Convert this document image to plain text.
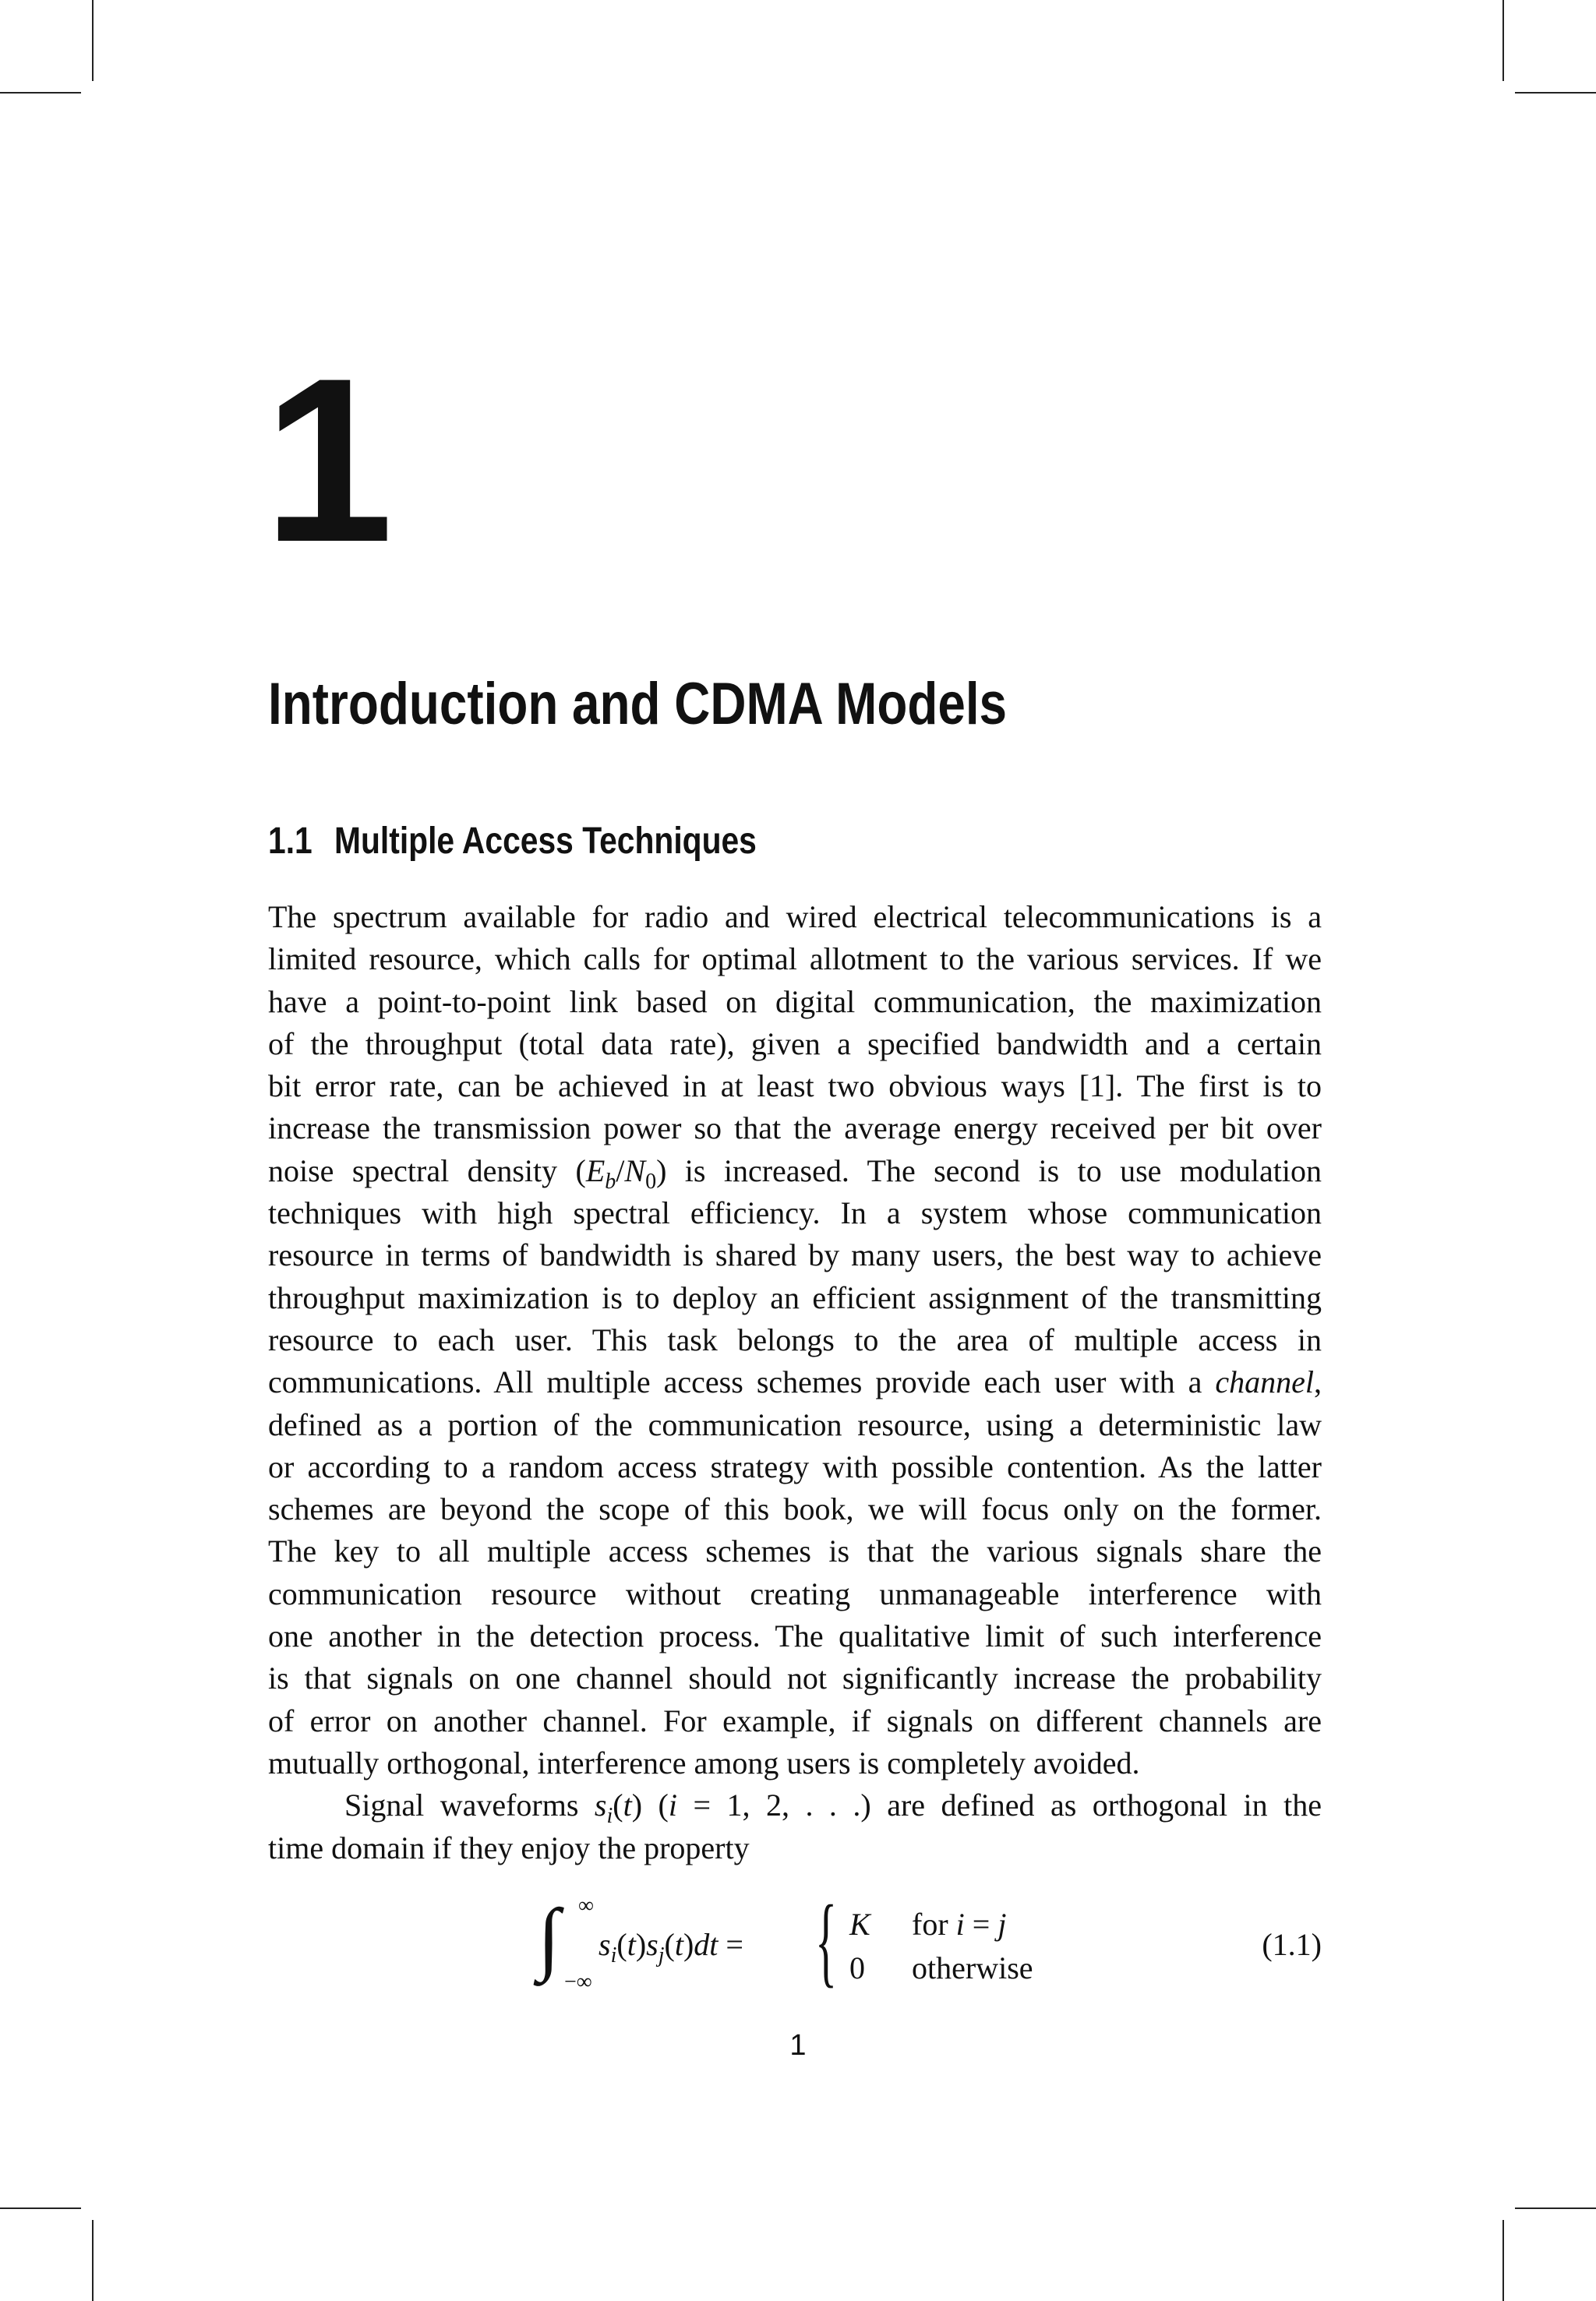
1
Introduction and CDMA Models
1.1 Multiple Access Techniques
The spectrum available for radio and wired electrical telecommunications is a
limited resource, which calls for optimal allotment to the various services. If we
have a point-to-point link based on digital communication, the maximization
of the throughput (total data rate), given a specified bandwidth and a certain
bit error rate, can be achieved in at least two obvious ways [1]. The first is to
increase the transmission power so that the average energy received per bit over
noise spectral density $(E_b/N_0)$ is increased. The second is to use modulation
techniques with high spectral efficiency. In a system whose communication
resource in terms of bandwidth is shared by many users, the best way to achieve
throughput maximization is to deploy an efficient assignment of the transmitting
resource to each user. This task belongs to the area of multiple access in
communications. All multiple access schemes provide each user with a channel,
defined as a portion of the communication resource, using a deterministic law
or according to a random access strategy with possible contention. As the latter
schemes are beyond the scope of this book, we will focus only on the former.
The key to all multiple access schemes is that the various signals share the
communication resource without creating unmanageable interference with
one another in the detection process. The qualitative limit of such interference
is that signals on one channel should not significantly increase the probability
of error on another channel. For example, if signals on different channels are
mutually orthogonal, interference among users is completely avoided.
Signal waveforms $s_i(t) (i = 1$, 2, . . .) are defined as orthogonal in the
time domain if they enjoy the property
∫ ∞
−∞
$s_i(t)s_j(t)dt$ = { K for i = j
0 otherwise
(1.1)
1
